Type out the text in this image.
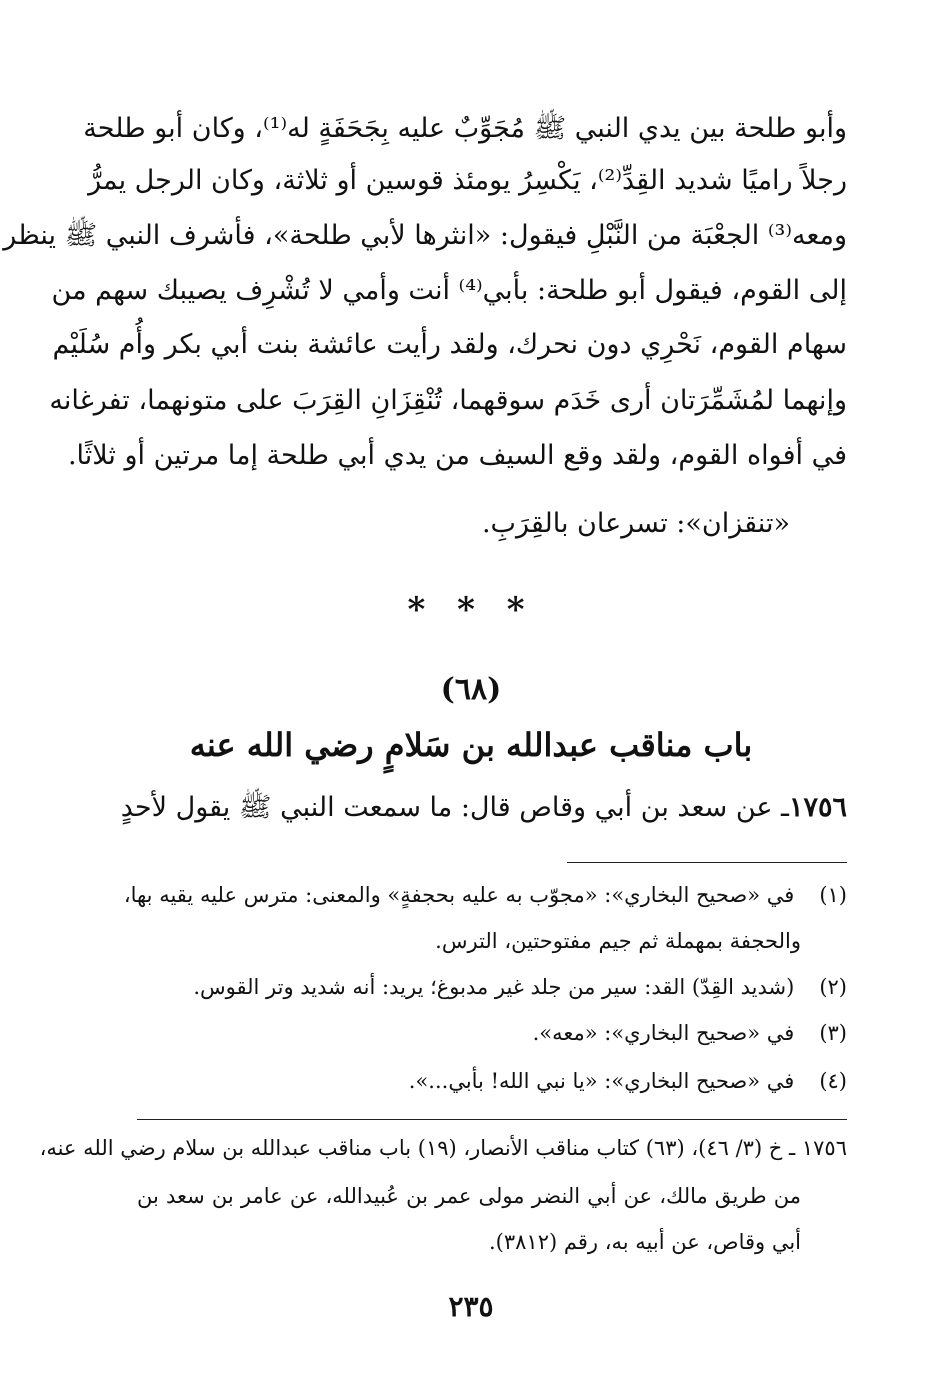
وأبو طلحة بين يدي النبي ﷺ مُجَوِّبٌ عليه بِجَحَفَةٍ له⁽¹⁾، وكان أبو طلحة
رجلاً راميًا شديد القِدِّ⁽²⁾، يَكْسِرُ يومئذ قوسين أو ثلاثة، وكان الرجل يمرُّ
ومعه⁽³⁾ الجعْبَة من النَّبْلِ فيقول: «انثرها لأبي طلحة»، فأشرف النبي ﷺ ينظر
إلى القوم، فيقول أبو طلحة: بأبي⁽⁴⁾ أنت وأمي لا تُشْرِف يصيبك سهم من
سهام القوم، نَحْرِي دون نحرك، ولقد رأيت عائشة بنت أبي بكر وأُم سُلَيْم
وإنهما لمُشَمِّرَتان أرى خَدَم سوقهما، تُنْقِزَانِ القِرَبَ على متونهما، تفرغانه
في أفواه القوم، ولقد وقع السيف من يدي أبي طلحة إما مرتين أو ثلاثًا.
«تنقزان»: تسرعان بالقِرَبِ.
* * *
(٦٨)
باب مناقب عبدالله بن سَلامٍ رضي الله عنه
١٧٥٦ـ عن سعد بن أبي وقاص قال: ما سمعت النبي ﷺ يقول لأحدٍ
(١) في «صحيح البخاري»: «مجوّب به عليه بحجفةٍ» والمعنى: مترس عليه يقيه بها،
والحجفة بمهملة ثم جيم مفتوحتين، الترس.
(٢) (شديد القِدّ) القد: سير من جلد غير مدبوغ؛ يريد: أنه شديد وتر القوس.
(٣) في «صحيح البخاري»: «معه».
(٤) في «صحيح البخاري»: «يا نبي الله! بأبي...».
١٧٥٦ ـ خ (٣/ ٤٦)، (٦٣) كتاب مناقب الأنصار، (١٩) باب مناقب عبدالله بن سلام رضي الله عنه،
من طريق مالك، عن أبي النضر مولى عمر بن عُبيدالله، عن عامر بن سعد بن
أبي وقاص، عن أبيه به، رقم (٣٨١٢).
٢٣٥
